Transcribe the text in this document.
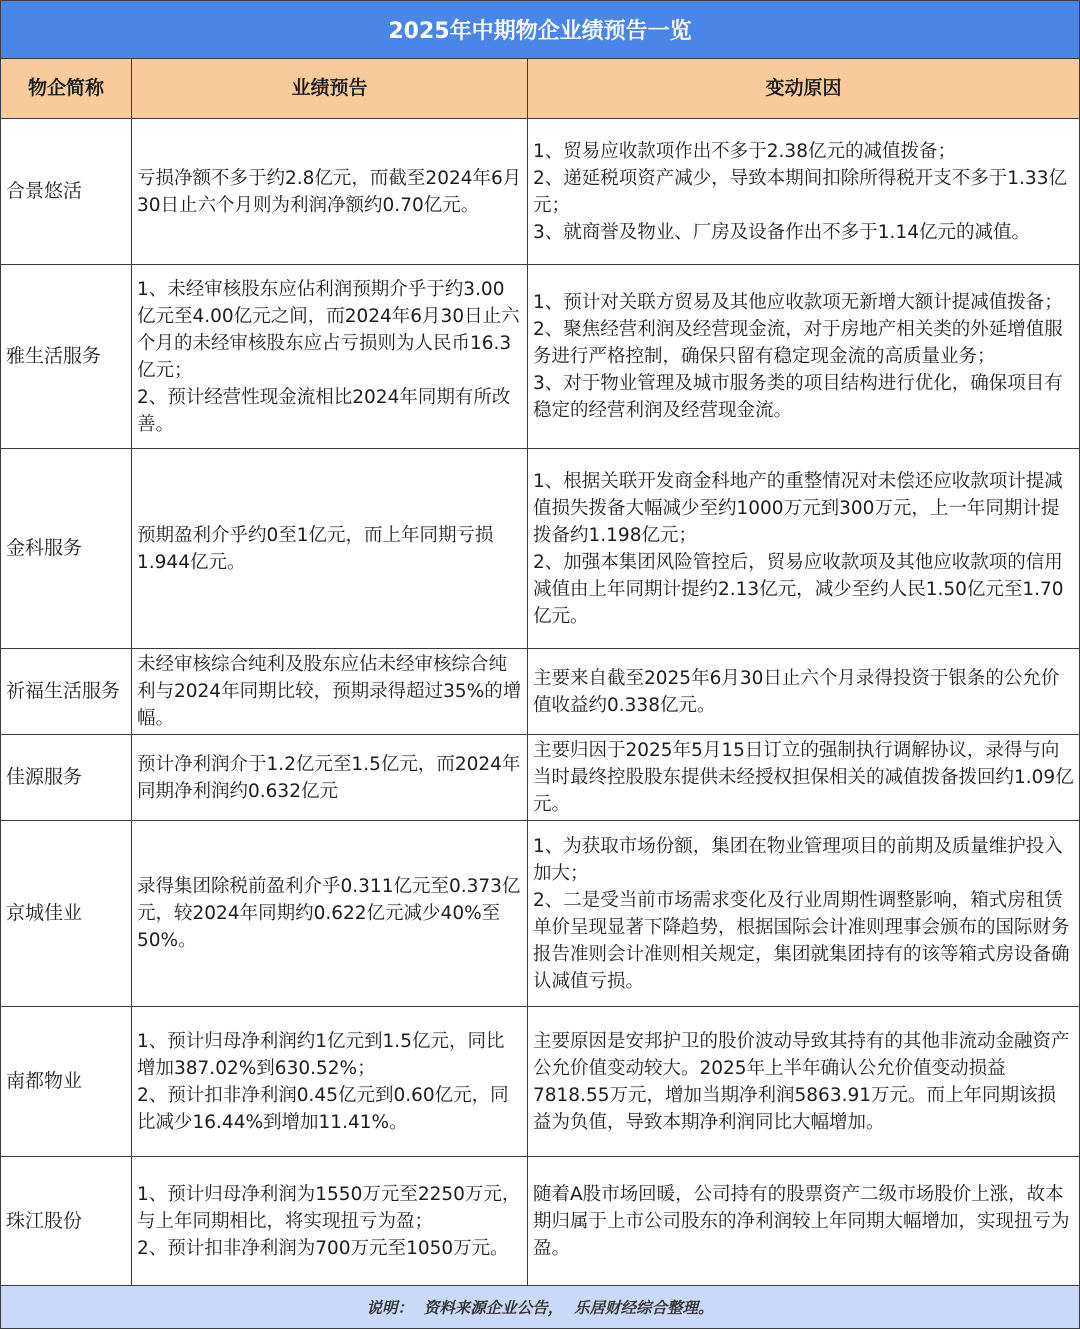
2025年中期物企业绩预告一览
物企简称	业绩预告	变动原因
合景悠活
亏损净额不多于约2.8亿元，而截至2024年6月30日止六个月则为利润净额约0.70亿元。
1、贸易应收款项作出不多于2.38亿元的减值拨备；
2、递延税项资产减少，导致本期间扣除所得税开支不多于1.33亿元；
3、就商誉及物业、厂房及设备作出不多于1.14亿元的减值。
雅生活服务
1、未经审核股东应佔利润预期介乎于约3.00亿元至4.00亿元之间，而2024年6月30日止六个月的未经审核股东应占亏损则为人民币16.3亿元；
2、预计经营性现金流相比2024年同期有所改善。
1、预计对关联方贸易及其他应收款项无新增大额计提减值拨备；
2、聚焦经营利润及经营现金流，对于房地产相关类的外延增值服务进行严格控制，确保只留有稳定现金流的高质量业务；
3、对于物业管理及城市服务类的项目结构进行优化，确保项目有稳定的经营利润及经营现金流。
金科服务
预期盈利介乎约0至1亿元，而上年同期亏损1.944亿元。
1、根据关联开发商金科地产的重整情况对未偿还应收款项计提减值损失拨备大幅减少至约1000万元到300万元，上一年同期计提拨备约1.198亿元；
2、加强本集团风险管控后，贸易应收款项及其他应收款项的信用减值由上年同期计提约2.13亿元，减少至约人民1.50亿元至1.70亿元。
祈福生活服务
未经审核综合纯利及股东应佔未经审核综合纯利与2024年同期比较，预期录得超过35%的增幅。
主要来自截至2025年6月30日止六个月录得投资于银条的公允价值收益约0.338亿元。
佳源服务
预计净利润介于1.2亿元至1.5亿元，而2024年同期净利润约0.632亿元
主要归因于2025年5月15日订立的强制执行调解协议，录得与向当时最终控股股东提供未经授权担保相关的减值拨备拨回约1.09亿元。
京城佳业
录得集团除税前盈利介乎0.311亿元至0.373亿元，较2024年同期约0.622亿元减少40%至50%。
1、为获取市场份额，集团在物业管理项目的前期及质量维护投入加大；
2、二是受当前市场需求变化及行业周期性调整影响，箱式房租赁单价呈现显著下降趋势，根据国际会计准则理事会颁布的国际财务报告准则会计准则相关规定，集团就集团持有的该等箱式房设备确认减值亏损。
南都物业
1、预计归母净利润约1亿元到1.5亿元，同比增加387.02%到630.52%；
2、预计扣非净利润0.45亿元到0.60亿元，同比减少16.44%到增加11.41%。
主要原因是安邦护卫的股价波动导致其持有的其他非流动金融资产公允价值变动较大。2025年上半年确认公允价值变动损益7818.55万元，增加当期净利润5863.91万元。而上年同期该损益为负值，导致本期净利润同比大幅增加。
珠江股份
1、预计归母净利润为1550万元至2250万元，与上年同期相比，将实现扭亏为盈；
2、预计扣非净利润为700万元至1050万元。
随着A股市场回暖，公司持有的股票资产二级市场股价上涨，故本期归属于上市公司股东的净利润较上年同期大幅增加，实现扭亏为盈。
说明：  资料来源企业公告，  乐居财经综合整理。
